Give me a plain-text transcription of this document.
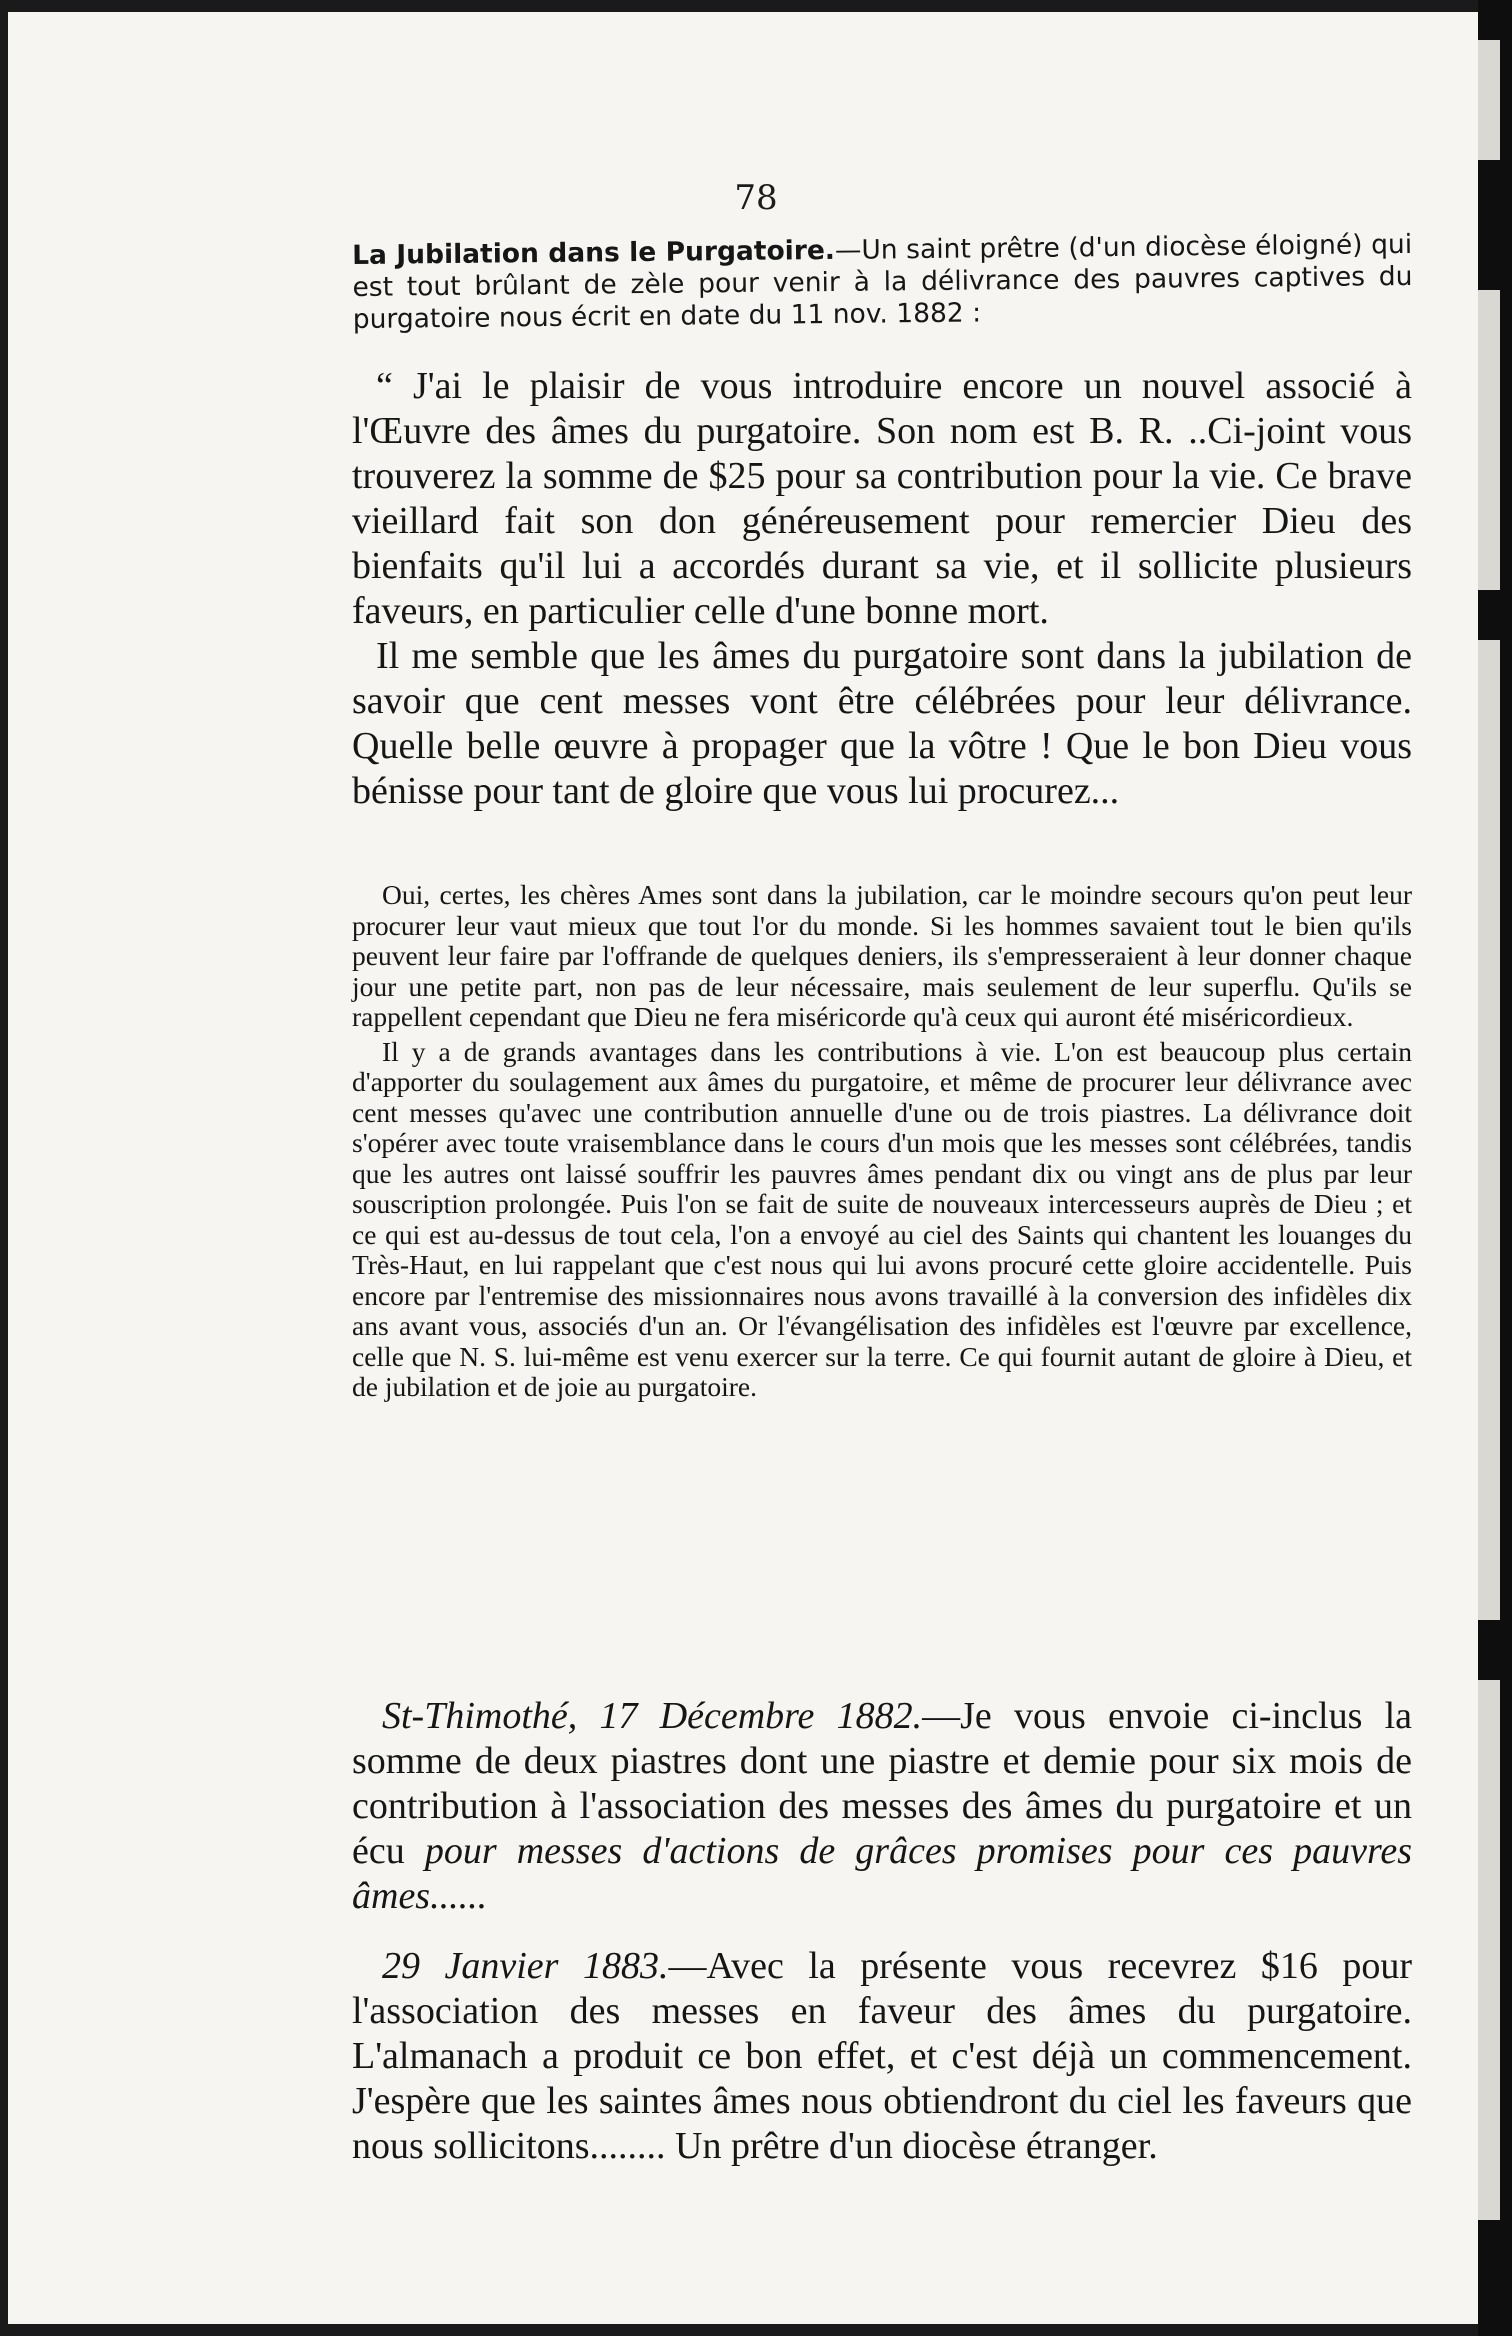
78
La Jubilation dans le Purgatoire.—Un saint prêtre (d'un diocèse éloigné) qui est tout brûlant de zèle pour venir à la délivrance des pauvres captives du purgatoire nous écrit en date du 11 nov. 1882 :

“ J'ai le plaisir de vous introduire encore un nouvel associé à l'Œuvre des âmes du purgatoire. Son nom est B. R. ..Ci-joint vous trouverez la somme de $25 pour sa contribution pour la vie. Ce brave vieillard fait son don généreusement pour remercier Dieu des bienfaits qu'il lui a accordés durant sa vie, et il sollicite plusieurs faveurs, en particulier celle d'une bonne mort.

Il me semble que les âmes du purgatoire sont dans la jubilation de savoir que cent messes vont être célébrées pour leur délivrance. Quelle belle œuvre à propager que la vôtre ! Que le bon Dieu vous bénisse pour tant de gloire que vous lui procurez...

Oui, certes, les chères Ames sont dans la jubilation, car le moindre secours qu'on peut leur procurer leur vaut mieux que tout l'or du monde. Si les hommes savaient tout le bien qu'ils peuvent leur faire par l'offrande de quelques deniers, ils s'empresseraient à leur donner chaque jour une petite part, non pas de leur nécessaire, mais seulement de leur superflu. Qu'ils se rappellent cependant que Dieu ne fera miséricorde qu'à ceux qui auront été miséricordieux.

Il y a de grands avantages dans les contributions à vie. L'on est beaucoup plus certain d'apporter du soulagement aux âmes du purgatoire, et même de procurer leur délivrance avec cent messes qu'avec une contribution annuelle d'une ou de trois piastres. La délivrance doit s'opérer avec toute vraisemblance dans le cours d'un mois que les messes sont célébrées, tandis que les autres ont laissé souffrir les pauvres âmes pendant dix ou vingt ans de plus par leur souscription prolongée. Puis l'on se fait de suite de nouveaux intercesseurs auprès de Dieu ; et ce qui est au-dessus de tout cela, l'on a envoyé au ciel des Saints qui chantent les louanges du Très-Haut, en lui rappelant que c'est nous qui lui avons procuré cette gloire accidentelle. Puis encore par l'entremise des missionnaires nous avons travaillé à la conversion des infidèles dix ans avant vous, associés d'un an. Or l'évangélisation des infidèles est l'œuvre par excellence, celle que N. S. lui-même est venu exercer sur la terre. Ce qui fournit autant de gloire à Dieu, et de jubilation et de joie au purgatoire.

St-Thimothé, 17 Décembre 1882.—Je vous envoie ci-inclus la somme de deux piastres dont une piastre et demie pour six mois de contribution à l'association des messes des âmes du purgatoire et un écu pour messes d'actions de grâces promises pour ces pauvres âmes......

29 Janvier 1883.—Avec la présente vous recevrez $16 pour l'association des messes en faveur des âmes du purgatoire. L'almanach a produit ce bon effet, et c'est déjà un commencement. J'espère que les saintes âmes nous obtiendront du ciel les faveurs que nous sollicitons........ Un prêtre d'un diocèse étranger.
